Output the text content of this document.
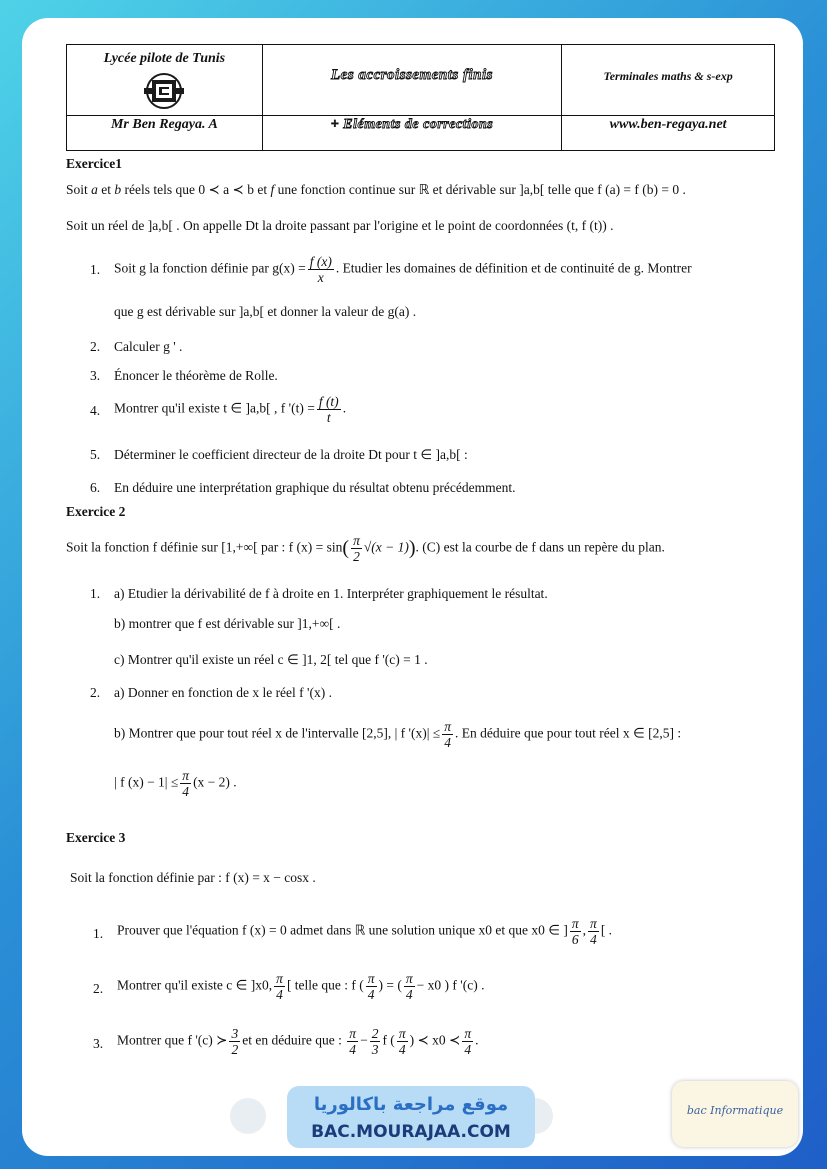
Lycée pilote de Tunis	Les accroissements finis	Terminales maths & s-exp

Mr Ben Regaya. A	+ Eléments de corrections	www.ben-regaya.net
Exercice1
Soit a et b réels tels que 0 ≺ a ≺ b et f une fonction continue sur ℝ et dérivable sur ]a,b[ telle que f (a) = f (b) = 0 .
Soit un réel de ]a,b[ . On appelle Dt la droite passant par l'origine et le point de coordonnées (t, f (t)) .
1. Soit g la fonction définie par $g(x) = \frac{f (x)}{x}$ . Etudier les domaines de définition et de continuité de g. Montrer
que g est dérivable sur ]a,b[ et donner la valeur de g(a) .
2. Calculer g ' .
3. Énoncer le théorème de Rolle.
4. Montrer qu'il existe t ∈ ]a,b[ , f '$(t) = \frac{f (t)}{t}$ .
5. Déterminer le coefficient directeur de la droite Dt pour t ∈ ]a,b[ :
6. En déduire une interprétation graphique du résultat obtenu précédemment.
Exercice 2
Soit la fonction f définie sur [1,+∞[ par : f $(x) = \sin( \frac{\pi}{2} √(x - 1))$. (C) est la courbe de f dans un repère du plan.
1. a) Etudier la dérivabilité de f à droite en 1. Interpréter graphiquement le résultat.
b) montrer que f est dérivable sur ]1,+∞[ .
c) Montrer qu'il existe un réel c ∈ ]1, 2[ tel que f '(c) = 1 .
2. a) Donner en fonction de x le réel f '(x) .
b) Montrer que pour tout réel x de l'intervalle [2,5], | f '$(x)| \le \frac{\pi}{4}$ . En déduire que pour tout réel x ∈ [2,5] :
| f $(x) - 1| \le \frac{\pi}{4} (x - 2)$ .
Exercice 3
Soit la fonction définie par : f (x) = x − cosx .
1. Prouver que l'équation f (x) = 0 admet dans ℝ une solution unique x0 et que x0 ∈ ] $\frac{\pi}{6}$ , $\frac{\pi}{4}$ [ .
2. Montrer qu'il existe c ∈ ]x0, $\frac{\pi}{4}$ [ telle que : f ( $\frac{\pi}{4}$ ) = ( $\frac{\pi}{4} - x0$ ) f '(c) .
3. Montrer que f '(c) ≻ $\frac{3}{2}$ et en déduire que : $\frac{\pi}{4} - \frac{2}{3}$ f ( $\frac{\pi}{4}$ ) ≺ x0 ≺ $\frac{\pi}{4}$ .
موقع مراجعة باكالوريا
BAC.MOURAJAA.COM
bac Informatique
